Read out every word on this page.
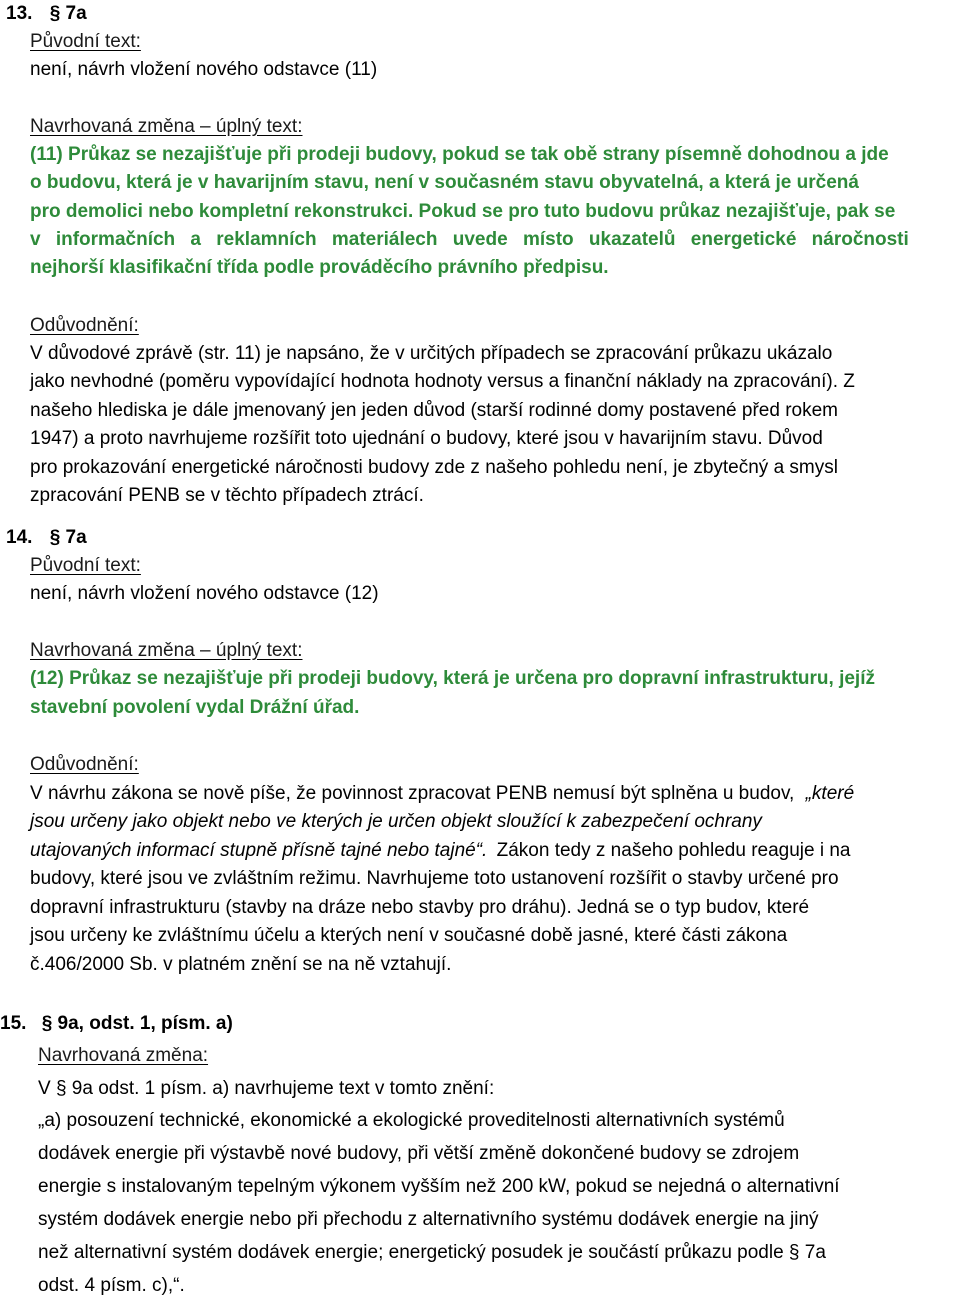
13. § 7a
Původní text:
není, návrh vložení nového odstavce (11)
Navrhovaná změna – úplný text:
(11) Průkaz se nezajišťuje při prodeji budovy, pokud se tak obě strany písemně dohodnou a jde
o budovu, která je v havarijním stavu, není v současném stavu obyvatelná, a která je určená
pro demolici nebo kompletní rekonstrukci. Pokud se pro tuto budovu průkaz nezajišťuje, pak se
v informačních a reklamních materiálech uvede místo ukazatelů energetické náročnosti
nejhorší klasifikační třída podle prováděcího právního předpisu.
Odůvodnění:
V důvodové zprávě (str. 11) je napsáno, že v určitých případech se zpracování průkazu ukázalo
jako nevhodné (poměru vypovídající hodnota hodnoty versus a finanční náklady na zpracování). Z
našeho hlediska je dále jmenovaný jen jeden důvod (starší rodinné domy postavené před rokem
1947) a proto navrhujeme rozšířit toto ujednání o budovy, které jsou v havarijním stavu. Důvod
pro prokazování energetické náročnosti budovy zde z našeho pohledu není, je zbytečný a smysl
zpracování PENB se v těchto případech ztrácí.
14. § 7a
Původní text:
není, návrh vložení nového odstavce (12)
Navrhovaná změna – úplný text:
(12) Průkaz se nezajišťuje při prodeji budovy, která je určena pro dopravní infrastrukturu, jejíž
stavební povolení vydal Drážní úřad.
Odůvodnění:
V návrhu zákona se nově píše, že povinnost zpracovat PENB nemusí být splněna u budov, „které
jsou určeny jako objekt nebo ve kterých je určen objekt sloužící k zabezpečení ochrany
utajovaných informací stupně přísně tajné nebo tajné“. Zákon tedy z našeho pohledu reaguje i na
budovy, které jsou ve zvláštním režimu. Navrhujeme toto ustanovení rozšířit o stavby určené pro
dopravní infrastrukturu (stavby na dráze nebo stavby pro dráhu). Jedná se o typ budov, které
jsou určeny ke zvláštnímu účelu a kterých není v současné době jasné, které části zákona
č.406/2000 Sb. v platném znění se na ně vztahují.
15. § 9a, odst. 1, písm. a)
Navrhovaná změna:
V § 9a odst. 1 písm. a) navrhujeme text v tomto znění:
„a) posouzení technické, ekonomické a ekologické proveditelnosti alternativních systémů
dodávek energie při výstavbě nové budovy, při větší změně dokončené budovy se zdrojem
energie s instalovaným tepelným výkonem vyšším než 200 kW, pokud se nejedná o alternativní
systém dodávek energie nebo při přechodu z alternativního systému dodávek energie na jiný
než alternativní systém dodávek energie; energetický posudek je součástí průkazu podle § 7a
odst. 4 písm. c),“.
